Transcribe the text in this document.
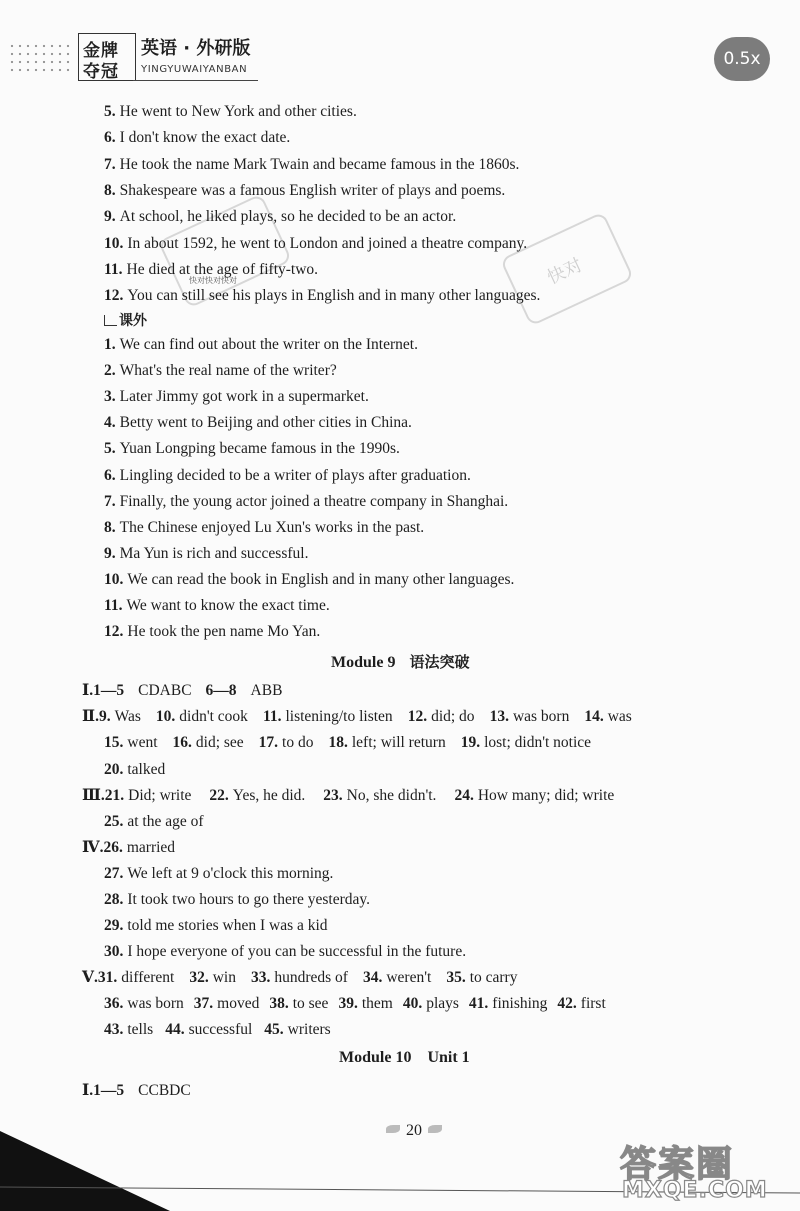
金牌
夺冠
英语 · 外研版
YINGYUWAIYANBAN
0.5x
快对
快对快对快对
5. He went to New York and other cities.
6. I don't know the exact date.
7. He took the name Mark Twain and became famous in the 1860s.
8. Shakespeare was a famous English writer of plays and poems.
9. At school, he liked plays, so he decided to be an actor.
10. In about 1592, he went to London and joined a theatre company.
11. He died at the age of fifty-two.
12. You can still see his plays in English and in many other languages.
课外
1. We can find out about the writer on the Internet.
2. What's the real name of the writer?
3. Later Jimmy got work in a supermarket.
4. Betty went to Beijing and other cities in China.
5. Yuan Longping became famous in the 1990s.
6. Lingling decided to be a writer of plays after graduation.
7. Finally, the young actor joined a theatre company in Shanghai.
8. The Chinese enjoyed Lu Xun's works in the past.
9. Ma Yun is rich and successful.
10. We can read the book in English and in many other languages.
11. We want to know the exact time.
12. He took the pen name Mo Yan.
Module 9 语法突破
Ⅰ.1—5 CDABC 6—8 ABB
Ⅱ.9. Was 10. didn't cook 11. listening/to listen 12. did; do 13. was born 14. was
15. went 16. did; see 17. to do 18. left; will return 19. lost; didn't notice
20. talked
Ⅲ.21. Did; write 22. Yes, he did. 23. No, she didn't. 24. How many; did; write
25. at the age of
Ⅳ.26. married
27. We left at 9 o'clock this morning.
28. It took two hours to go there yesterday.
29. told me stories when I was a kid
30. I hope everyone of you can be successful in the future.
Ⅴ.31. different 32. win 33. hundreds of 34. weren't 35. to carry
36. was born 37. moved 38. to see 39. them 40. plays 41. finishing 42. first
43. tells 44. successful 45. writers
Module 10 Unit 1
Ⅰ.1—5 CCBDC
20
答案圈
MXQE.COM
